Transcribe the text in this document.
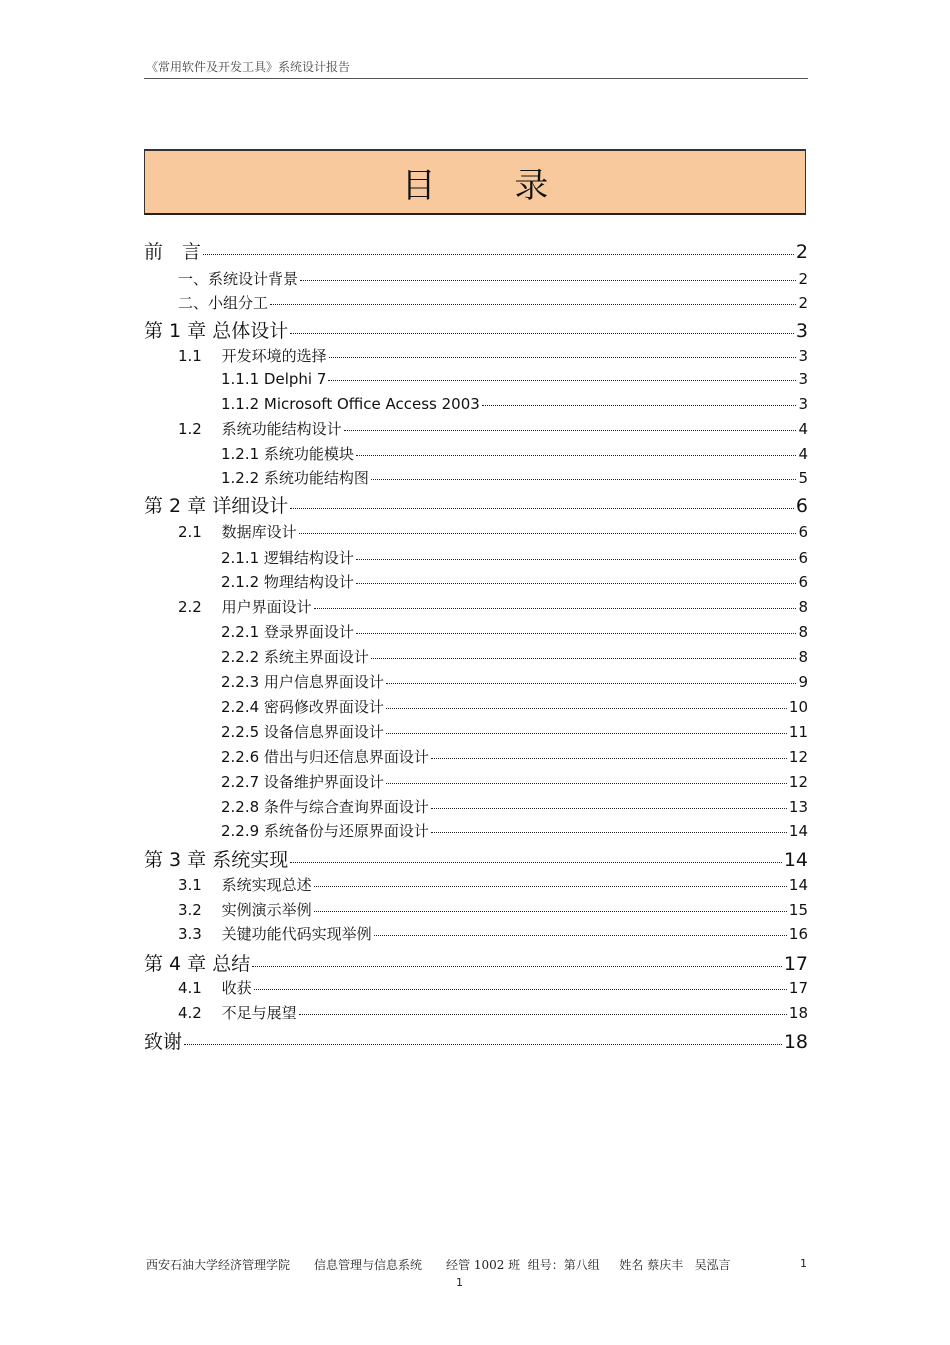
《常用软件及开发工具》系统设计报告
目 录
前　言	2
一、系统设计背景	2
二、小组分工	2
第 1 章 总体设计	3
1.1　 开发环境的选择	3
1.1.1 Delphi 7	3
1.1.2 Microsoft Office Access 2003	3
1.2　 系统功能结构设计	4
1.2.1 系统功能模块	4
1.2.2 系统功能结构图	5
第 2 章 详细设计	6
2.1　 数据库设计	6
2.1.1 逻辑结构设计	6
2.1.2 物理结构设计	6
2.2　 用户界面设计	8
2.2.1 登录界面设计	8
2.2.2 系统主界面设计	8
2.2.3 用户信息界面设计	9
2.2.4 密码修改界面设计	10
2.2.5 设备信息界面设计	11
2.2.6 借出与归还信息界面设计	12
2.2.7 设备维护界面设计	12
2.2.8 条件与综合查询界面设计	13
2.2.9 系统备份与还原界面设计	14
第 3 章 系统实现	14
3.1　 系统实现总述	14
3.2　 实例演示举例	15
3.3　 关键功能代码实现举例	16
第 4 章 总结	17
4.1　 收获	17
4.2　 不足与展望	18
致谢	18
西安石油大学经济管理学院　　信息管理与信息系统　　经管 1002 班  组号：第八组　  姓名 蔡庆丰   吴泓言	1
1
